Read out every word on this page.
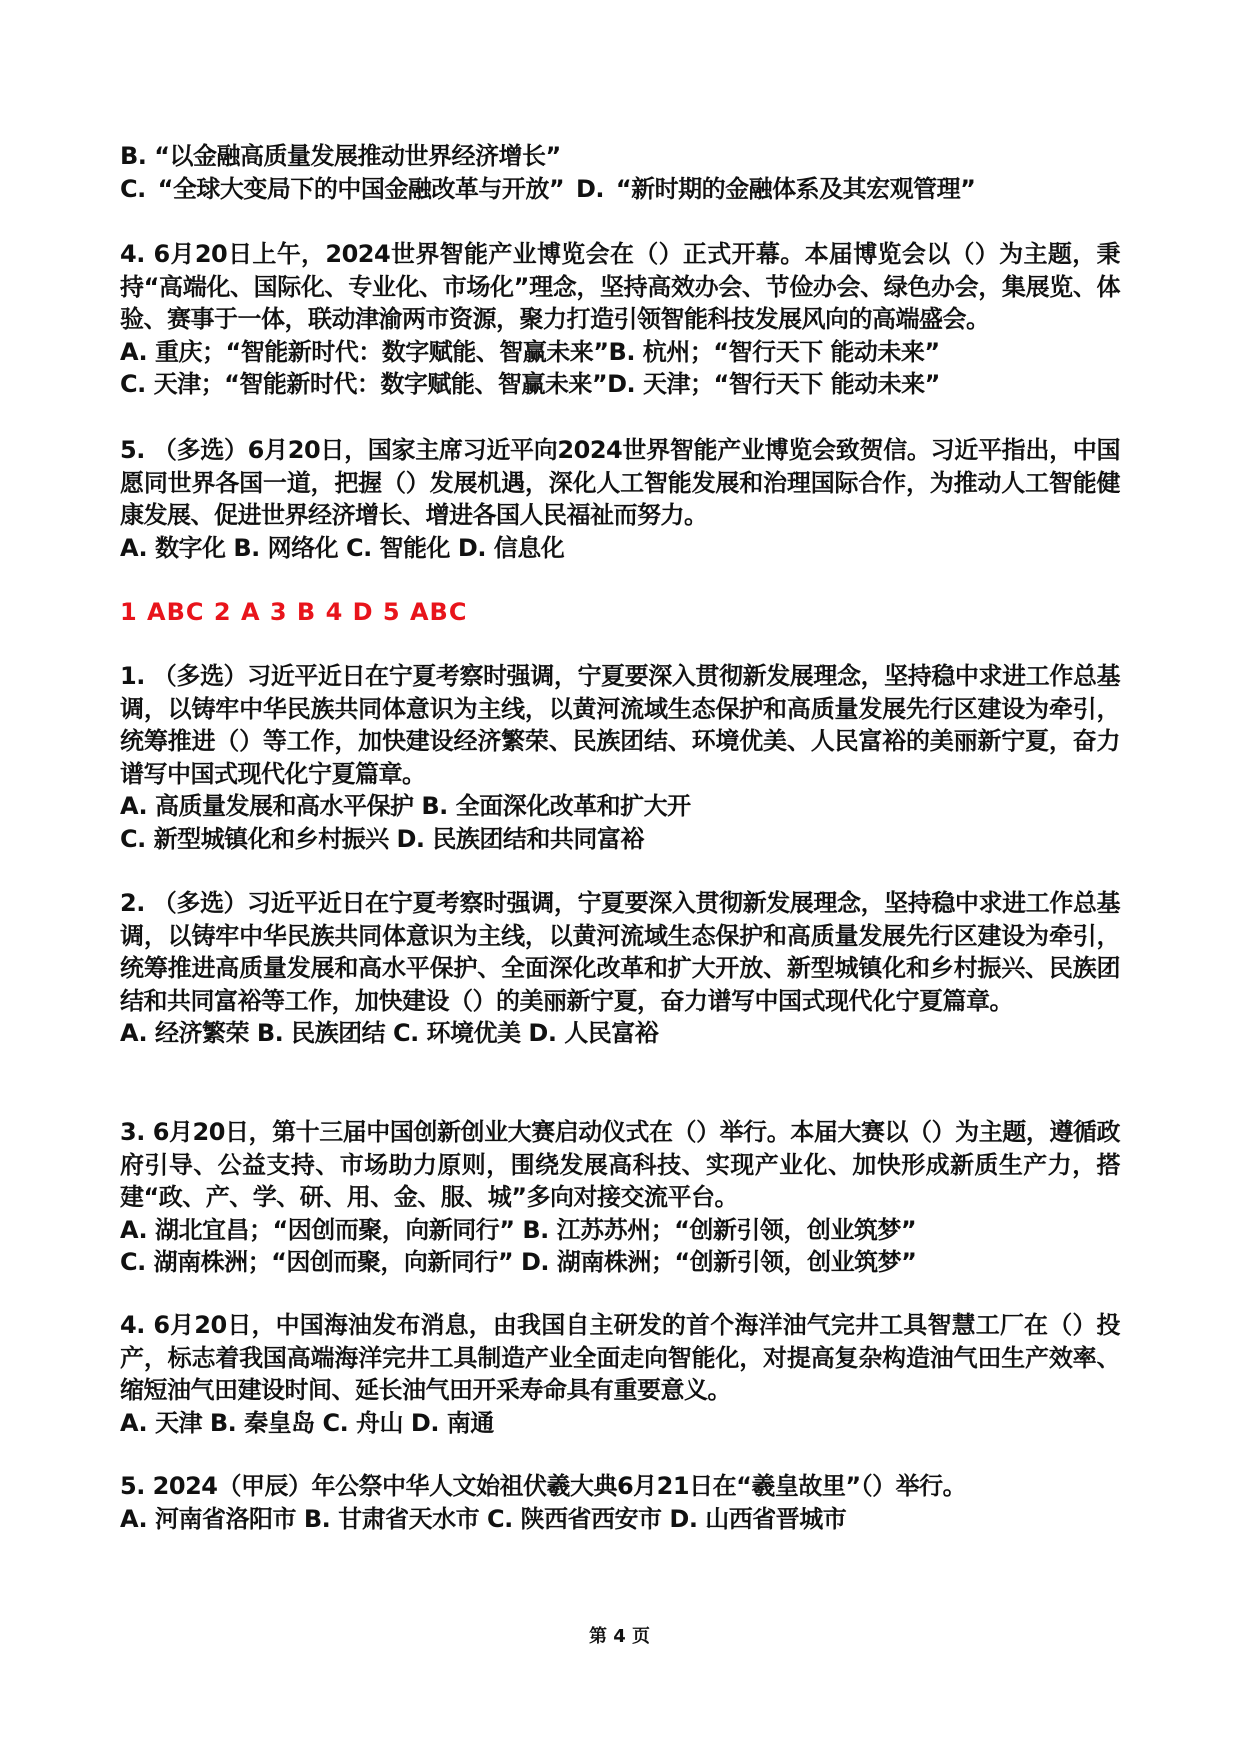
B. “以金融高质量发展推动世界经济增长”

C. “全球大变局下的中国金融改革与开放” D. “新时期的金融体系及其宏观管理”

4. 6月20日上午，2024世界智能产业博览会在（）正式开幕。本届博览会以（）为主题，秉持“高端化、国际化、专业化、市场化”理念，坚持高效办会、节俭办会、绿色办会，集展览、体验、赛事于一体，联动津渝两市资源，聚力打造引领智能科技发展风向的高端盛会。

A. 重庆；“智能新时代：数字赋能、智赢未来”B. 杭州；“智行天下 能动未来”

C. 天津；“智能新时代：数字赋能、智赢未来”D. 天津；“智行天下 能动未来”

5. （多选）6月20日，国家主席习近平向2024世界智能产业博览会致贺信。习近平指出，中国愿同世界各国一道，把握（）发展机遇，深化人工智能发展和治理国际合作，为推动人工智能健康发展、促进世界经济增长、增进各国人民福祉而努力。

A. 数字化 B. 网络化 C. 智能化 D. 信息化

1 ABC 2 A 3 B 4 D 5 ABC

1. （多选）习近平近日在宁夏考察时强调，宁夏要深入贯彻新发展理念，坚持稳中求进工作总基调，以铸牢中华民族共同体意识为主线，以黄河流域生态保护和高质量发展先行区建设为牵引，统筹推进（）等工作，加快建设经济繁荣、民族团结、环境优美、人民富裕的美丽新宁夏，奋力谱写中国式现代化宁夏篇章。

A. 高质量发展和高水平保护 B. 全面深化改革和扩大开

C. 新型城镇化和乡村振兴 D. 民族团结和共同富裕

2. （多选）习近平近日在宁夏考察时强调，宁夏要深入贯彻新发展理念，坚持稳中求进工作总基调，以铸牢中华民族共同体意识为主线，以黄河流域生态保护和高质量发展先行区建设为牵引，统筹推进高质量发展和高水平保护、全面深化改革和扩大开放、新型城镇化和乡村振兴、民族团结和共同富裕等工作，加快建设（）的美丽新宁夏，奋力谱写中国式现代化宁夏篇章。

A. 经济繁荣 B. 民族团结 C. 环境优美 D. 人民富裕

3. 6月20日，第十三届中国创新创业大赛启动仪式在（）举行。本届大赛以（）为主题，遵循政府引导、公益支持、市场助力原则，围绕发展高科技、实现产业化、加快形成新质生产力，搭建“政、产、学、研、用、金、服、城”多向对接交流平台。

A. 湖北宜昌；“因创而聚，向新同行” B. 江苏苏州；“创新引领，创业筑梦”

C. 湖南株洲；“因创而聚，向新同行” D. 湖南株洲；“创新引领，创业筑梦”

4. 6月20日，中国海油发布消息，由我国自主研发的首个海洋油气完井工具智慧工厂在（）投产，标志着我国高端海洋完井工具制造产业全面走向智能化，对提高复杂构造油气田生产效率、缩短油气田建设时间、延长油气田开采寿命具有重要意义。

A. 天津 B. 秦皇岛 C. 舟山 D. 南通

5. 2024（甲辰）年公祭中华人文始祖伏羲大典6月21日在“羲皇故里”（）举行。

A. 河南省洛阳市 B. 甘肃省天水市 C. 陕西省西安市 D. 山西省晋城市

第 4 页
